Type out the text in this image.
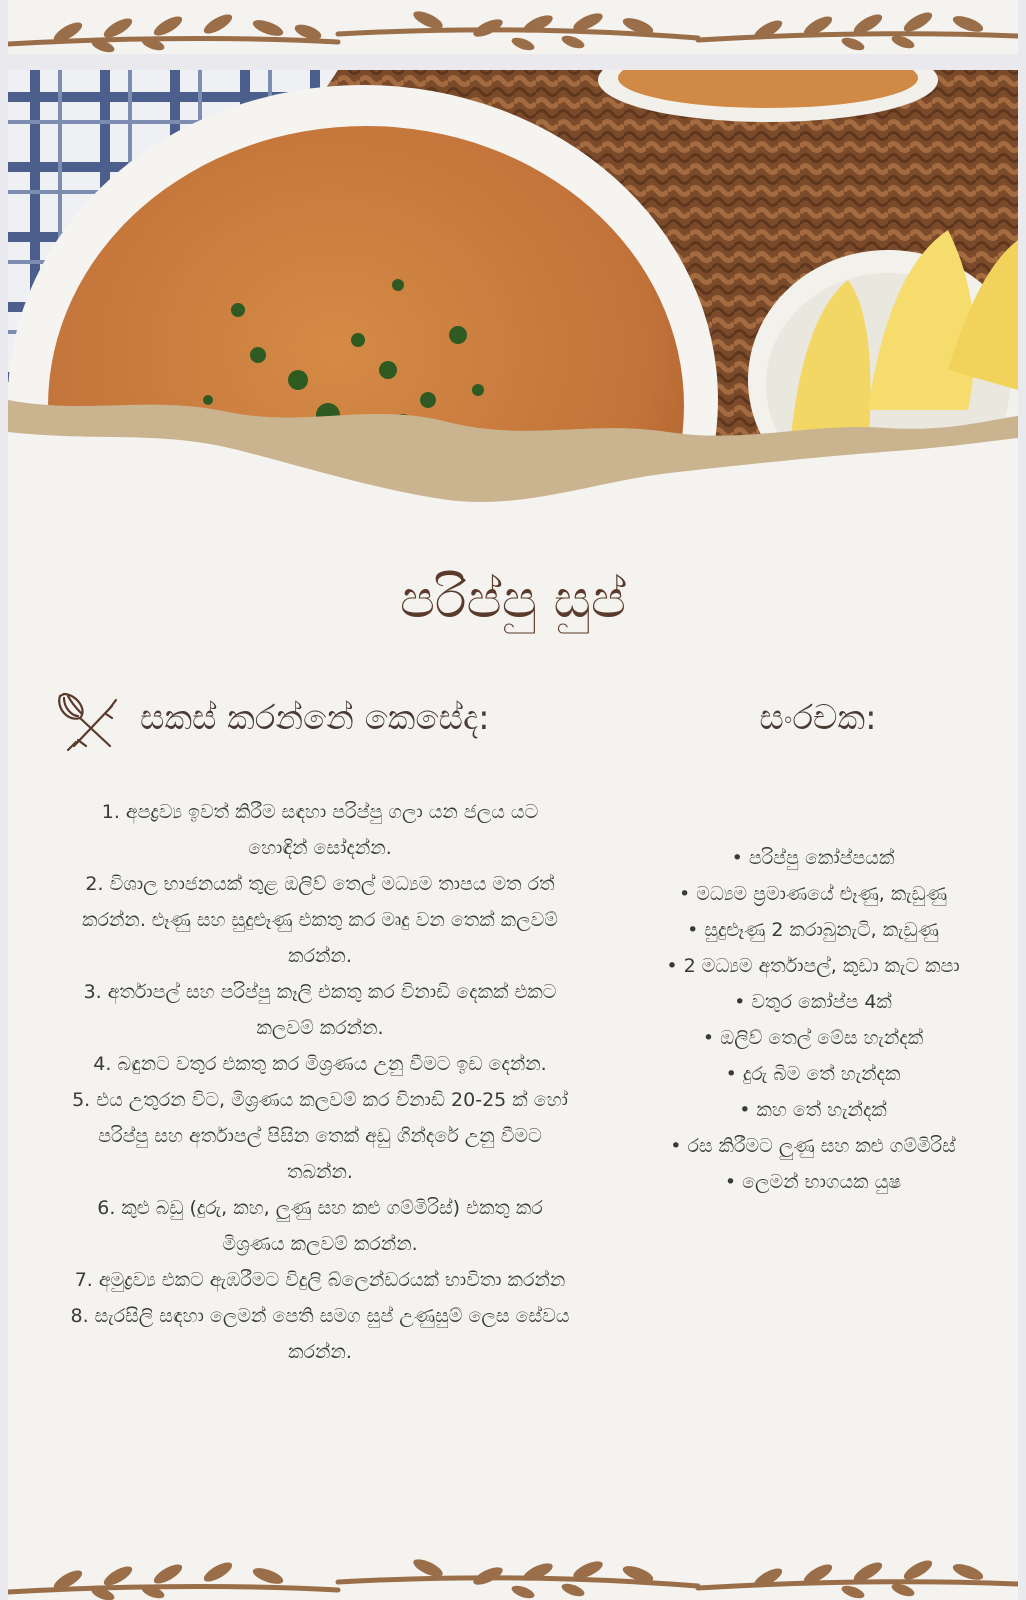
පරිප්පු සුප්
සකස් කරන්නේ කෙසේද:	සංරචක:

1. අපද්‍රව්‍ය ඉවත් කිරීම සඳහා පරිප්පු ගලා යන ජලය යට හොඳින් සෝදන්න.

2. විශාල භාජනයක් තුළ ඔලිව් තෙල් මධ්‍යම තාපය මත රත් කරන්න. ළූණු සහ සුදුළූණු එකතු කර මෘදු වන තෙක් කලවම් කරන්න.

3. අර්තාපල් සහ පරිප්පු කෑලි එකතු කර විනාඩි දෙකක් එකට කලවම් කරන්න.

4. බඳුනට වතුර එකතු කර මිශ්‍රණය උනු වීමට ඉඩ දෙන්න.

5. එය උතුරන විට, මිශ්‍රණය කලවම් කර විනාඩි 20-25 ක් හෝ පරිප්පු සහ අර්තාපල් පිසින තෙක් අඩු ගින්දරේ උනු වීමට තබන්න.

6. කුළු බඩු (දුරු, කහ, ලුණු සහ කළු ගම්මිරිස්) එකතු කර මිශ්‍රණය කලවම් කරන්න.

7. අමුද්‍රව්‍ය එකට ඇඹරීමට විදුලි බ්ලෙන්ඩරයක් භාවිතා කරන්න

8. සැරසිලි සඳහා ලෙමන් පෙති සමග සුප් උණුසුම් ලෙස සේවය කරන්න.

• පරිප්පු කෝප්පයක්

• මධ්‍යම ප්‍රමාණයේ ළූණු, කැඩුණු

• සුදුළූණු 2 කරාබුනැටි, කැඩුණු

• 2 මධ්‍යම අර්තාපල්, කුඩා කැට කපා

• වතුර කෝප්ප 4ක්

• ඔලිව් තෙල් මේස හැන්දක්

• දුරු බිම තේ හැන්දක

• කහ තේ හැන්දක්

• රස කිරීමට ලුණු සහ කළු ගම්මිරිස්

• ලෙමන් භාගයක යුෂ
